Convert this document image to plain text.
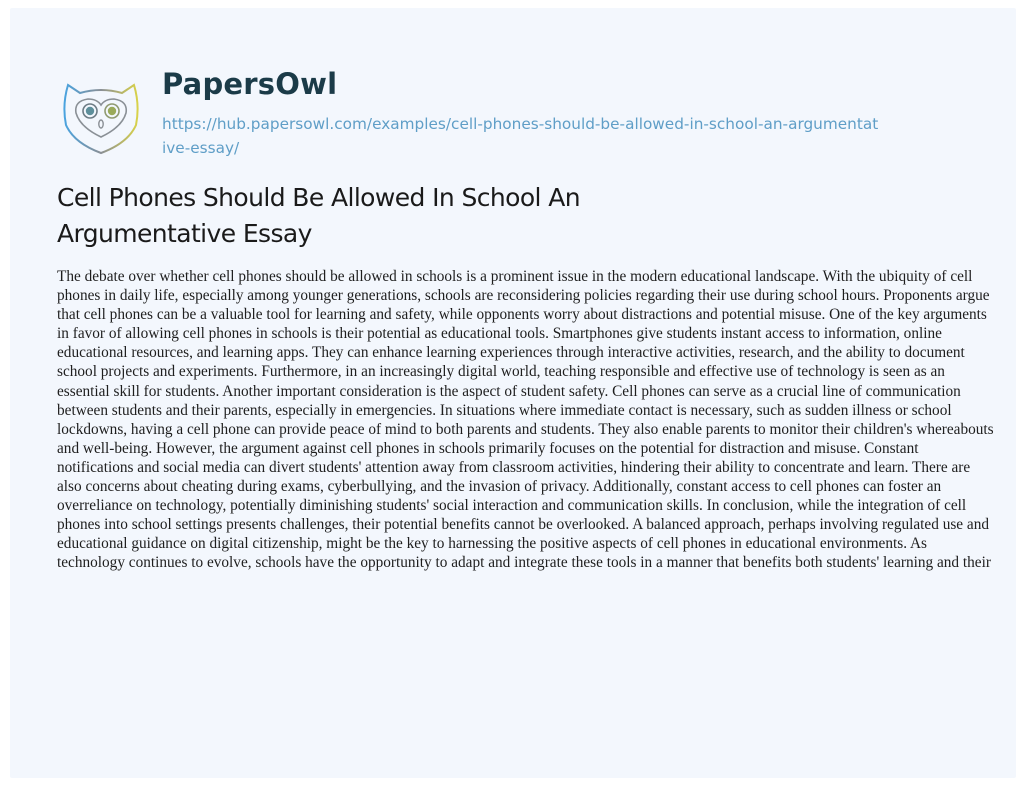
PapersOwl
https://hub.papersowl.com/examples/cell-phones-should-be-allowed-in-school-an-argumentative-essay/
Cell Phones Should Be Allowed In School An Argumentative Essay

The debate over whether cell phones should be allowed in schools is a prominent issue in the modern educational landscape. With the ubiquity of cell phones in daily life, especially among younger generations, schools are reconsidering policies regarding their use during school hours. Proponents argue that cell phones can be a valuable tool for learning and safety, while opponents worry about distractions and potential misuse. One of the key arguments in favor of allowing cell phones in schools is their potential as educational tools. Smartphones give students instant access to information, online educational resources, and learning apps. They can enhance learning experiences through interactive activities, research, and the ability to document school projects and experiments. Furthermore, in an increasingly digital world, teaching responsible and effective use of technology is seen as an essential skill for students. Another important consideration is the aspect of student safety. Cell phones can serve as a crucial line of communication between students and their parents, especially in emergencies. In situations where immediate contact is necessary, such as sudden illness or school lockdowns, having a cell phone can provide peace of mind to both parents and students. They also enable parents to monitor their children's whereabouts and well-being. However, the argument against cell phones in schools primarily focuses on the potential for distraction and misuse. Constant notifications and social media can divert students' attention away from classroom activities, hindering their ability to concentrate and learn. There are also concerns about cheating during exams, cyberbullying, and the invasion of privacy. Additionally, constant access to cell phones can foster an overreliance on technology, potentially diminishing students' social interaction and communication skills. In conclusion, while the integration of cell phones into school settings presents challenges, their potential benefits cannot be overlooked. A balanced approach, perhaps involving regulated use and educational guidance on digital citizenship, might be the key to harnessing the positive aspects of cell phones in educational environments. As technology continues to evolve, schools have the opportunity to adapt and integrate these tools in a manner that benefits both students' learning and their
